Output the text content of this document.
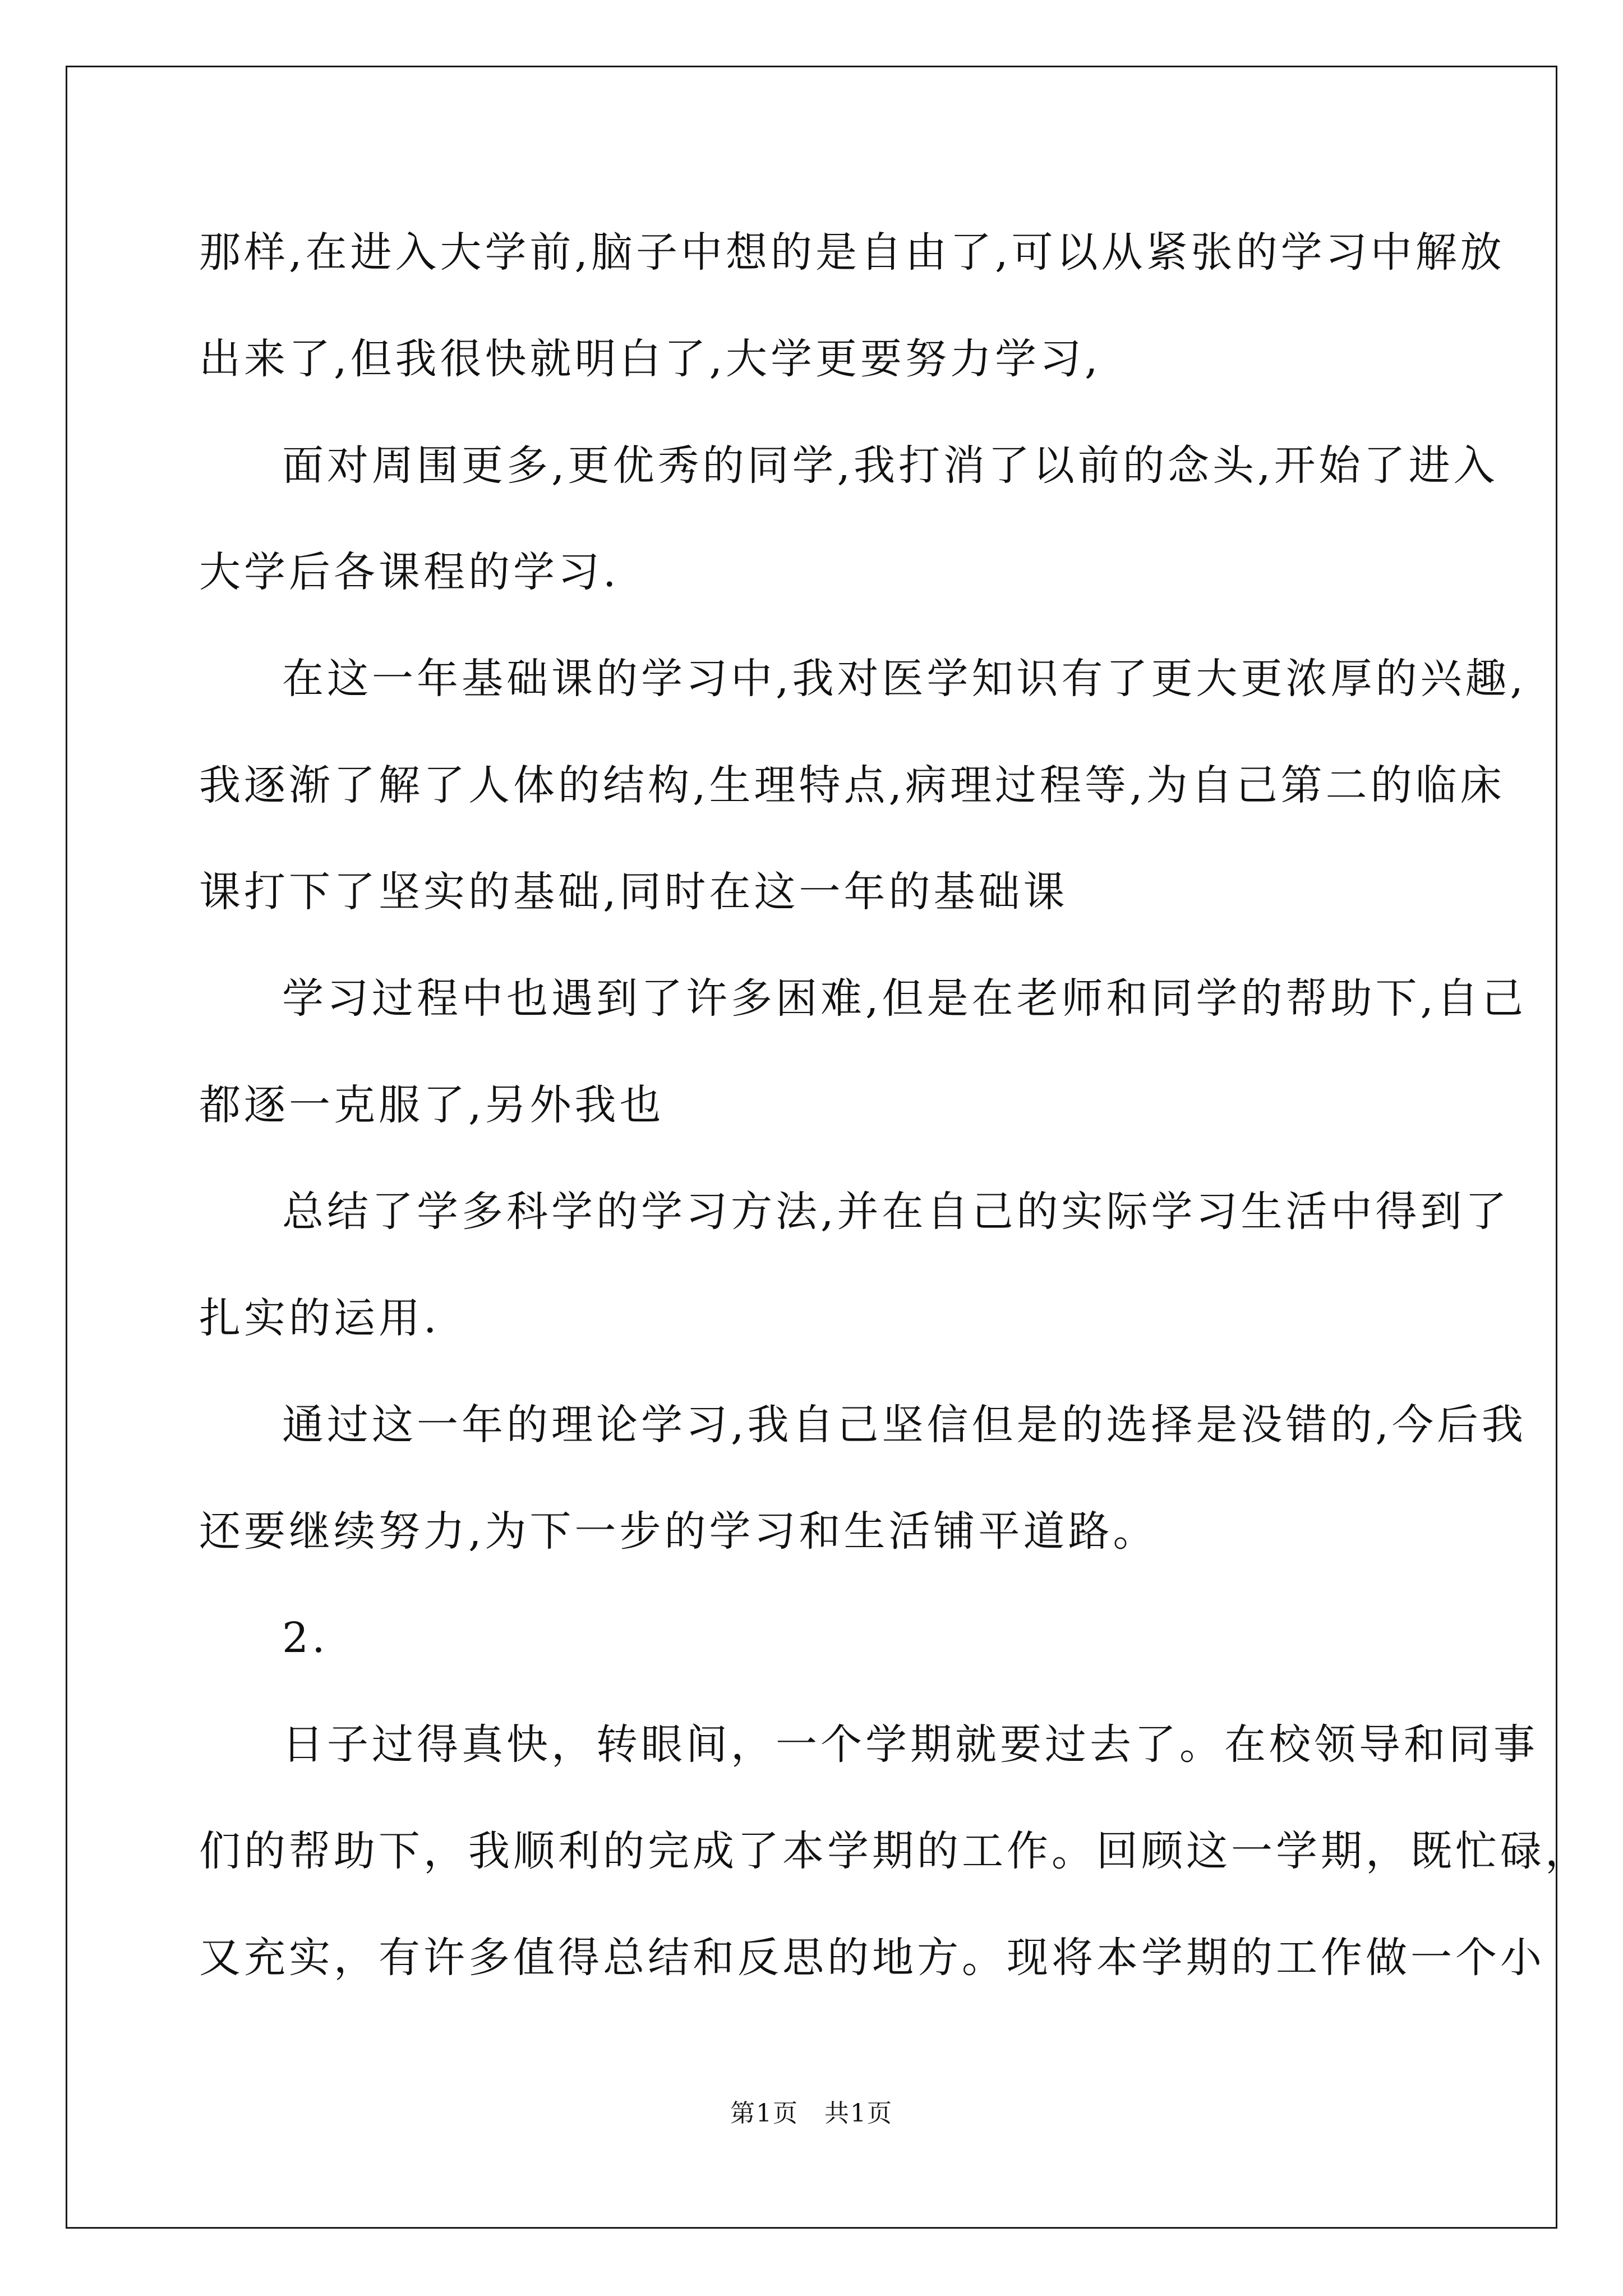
那样,在进入大学前,脑子中想的是自由了,可以从紧张的学习中解放
出来了,但我很快就明白了,大学更要努力学习,
面对周围更多,更优秀的同学,我打消了以前的念头,开始了进入
大学后各课程的学习.
在这一年基础课的学习中,我对医学知识有了更大更浓厚的兴趣,
我逐渐了解了人体的结构,生理特点,病理过程等,为自己第二的临床
课打下了坚实的基础,同时在这一年的基础课
学习过程中也遇到了许多困难,但是在老师和同学的帮助下,自己
都逐一克服了,另外我也
总结了学多科学的学习方法,并在自己的实际学习生活中得到了
扎实的运用.
通过这一年的理论学习,我自己坚信但是的选择是没错的,今后我
还要继续努力,为下一步的学习和生活铺平道路。
2.
日子过得真快，转眼间，一个学期就要过去了。在校领导和同事
们的帮助下，我顺利的完成了本学期的工作。回顾这一学期，既忙碌，
又充实，有许多值得总结和反思的地方。现将本学期的工作做一个小
第1页　共1页
